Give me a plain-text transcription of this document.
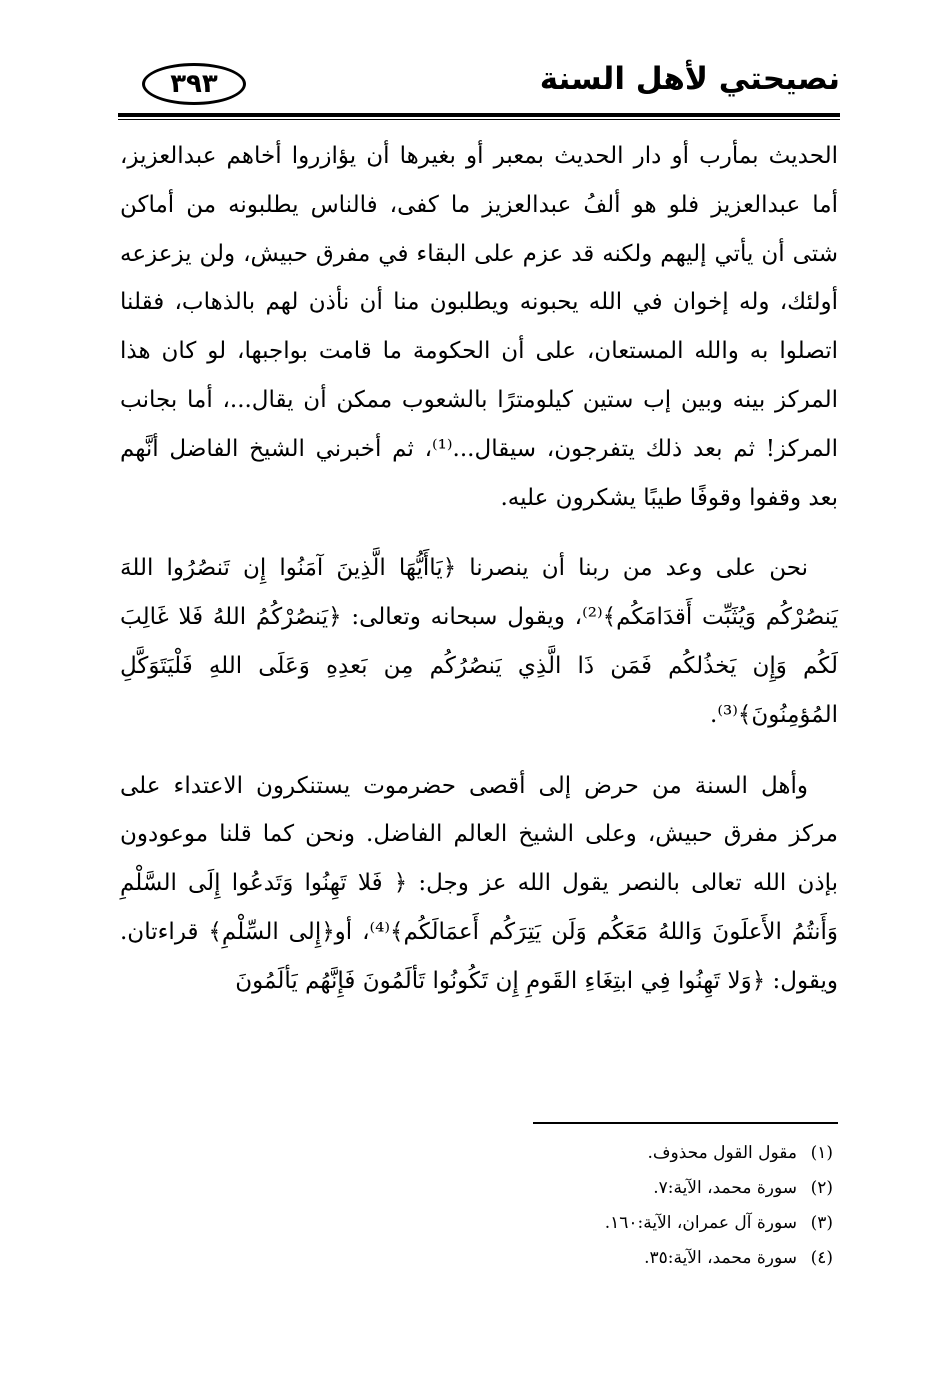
نصيحتي لأهل السنة
٣٩٣

الحديث بمأرب أو دار الحديث بمعبر أو بغيرها أن يؤازروا أخاهم عبدالعزيز، أما عبدالعزيز فلو هو ألفُ عبدالعزيز ما كفى، فالناس يطلبونه من أماكن شتى أن يأتي إليهم ولكنه قد عزم على البقاء في مفرق حبيش، ولن يزعزعه أولئك، وله إخوان في الله يحبونه ويطلبون منا أن نأذن لهم بالذهاب، فقلنا اتصلوا به والله المستعان، على أن الحكومة ما قامت بواجبها، لو كان هذا المركز بينه وبين إب ستين كيلومترًا بالشعوب ممكن أن يقال...، أما بجانب المركز! ثم بعد ذلك يتفرجون، سيقال...⁽¹⁾، ثم أخبرني الشيخ الفاضل أنَّهم بعد وقفوا وقوفًا طيبًا يشكرون عليه.

نحن على وعد من ربنا أن ينصرنا ﴿يَاأَيُّهَا الَّذِينَ آمَنُوا إِن تَنصُرُوا اللهَ يَنصُرْكُم وَيُثَبِّت أَقدَامَكُم﴾⁽²⁾، ويقول سبحانه وتعالى: ﴿يَنصُرْكُمُ اللهُ فَلا غَالِبَ لَكُم وَإِن يَخذُلكُم فَمَن ذَا الَّذِي يَنصُرُكُم مِن بَعدِهِ وَعَلَى اللهِ فَلْيَتَوَكَّلِ المُؤمِنُونَ﴾⁽³⁾.

وأهل السنة من حرض إلى أقصى حضرموت يستنكرون الاعتداء على مركز مفرق حبيش، وعلى الشيخ العالم الفاضل. ونحن كما قلنا موعودون بإذن الله تعالى بالنصر يقول الله عز وجل: ﴿ فَلا تَهِنُوا وَتَدعُوا إِلَى السَّلْمِ وَأَنتُمُ الأَعلَونَ وَاللهُ مَعَكُم وَلَن يَتِرَكُم أَعمَالَكُم﴾⁽⁴⁾، أو﴿إِلى السِّلْمِ﴾ قراءتان. ويقول: ﴿وَلا تَهِنُوا فِي ابتِغَاءِ القَومِ إِن تَكُونُوا تَألَمُونَ فَإِنَّهُم يَألَمُونَ

(١)
مقول القول محذوف.
(٢)
سورة محمد، الآية:٧.
(٣)
سورة آل عمران، الآية:١٦٠.
(٤)
سورة محمد، الآية:٣٥.
